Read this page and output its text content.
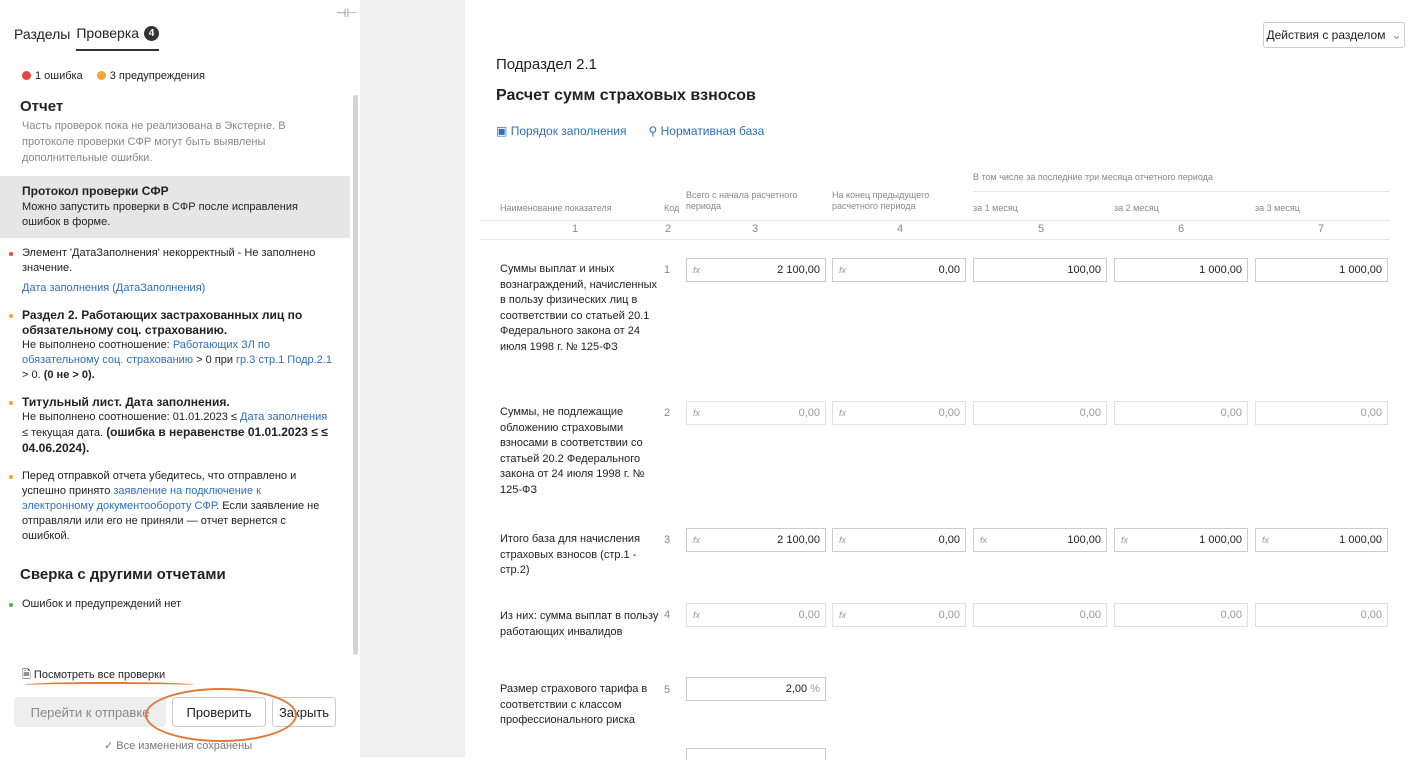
Разделы Проверка 4
⊣⊢
1 ошибка	3 предупреждения
Отчет
Часть проверок пока не реализована в Экстерне. В протоколе проверки СФР могут быть выявлены дополнительные ошибки.
Протокол проверки СФР
Можно запустить проверки в СФР после исправления ошибок в форме.
Элемент 'ДатаЗаполнения' некорректный - Не заполнено значение.
Дата заполнения (ДатаЗаполнения)
Раздел 2. Работающих застрахованных лиц по обязательному соц. страхованию.
Не выполнено соотношение: Работающих ЗЛ по обязательному соц. страхованию > 0 при гр.3 стр.1 Подр.2.1 > 0. (0 не > 0).
Титульный лист. Дата заполнения.
Не выполнено соотношение: 01.01.2023 ≤ Дата заполнения ≤ текущая дата. (ошибка в неравенстве 01.01.2023 ≤ ≤ 04.06.2024).
Перед отправкой отчета убедитесь, что отправлено и успешно принято заявление на подключение к электронному документообороту СФР. Если заявление не отправляли или его не приняли — отчет вернется с ошибкой.
Сверка с другими отчетами
Ошибок и предупреждений нет
🗎 Посмотреть все проверки
Перейти к отправке	Проверить	Закрыть
✓ Все изменения сохранены
Действия с разделом ⌄
Подраздел 2.1
Расчет сумм страховых взносов
▣ Порядок заполнения ⚲ Нормативная база
В том числе за последние три месяца отчетного периода
Наименование показателя	Код
Всего с начала расчетного периода
На конец предыдущего расчетного периода	за 1 месяц	за 2 месяц	за 3 месяц
1	2	3	4	5	6	7
Суммы выплат и иных вознаграждений, начисленных в пользу физических лиц в соответствии со статьей 20.1 Федерального закона от 24 июля 1998 г. № 125-ФЗ
1	fx	2 100,00 fx	0,00	100,00	1 000,00	1 000,00
Суммы, не подлежащие обложению страховыми взносами в соответствии со статьей 20.2 Федерального закона от 24 июля 1998 г. № 125-ФЗ
2	fx	0,00 fx	0,00	0,00	0,00	0,00
Итого база для начисления страховых взносов (стр.1 - стр.2)
3	fx	2 100,00 fx	0,00 fx	100,00 fx	1 000,00 fx	1 000,00
Из них: сумма выплат в пользу работающих инвалидов
4	fx	0,00 fx	0,00	0,00	0,00	0,00
Размер страхового тарифа в соответствии с классом профессионального риска
5	2,00
%
